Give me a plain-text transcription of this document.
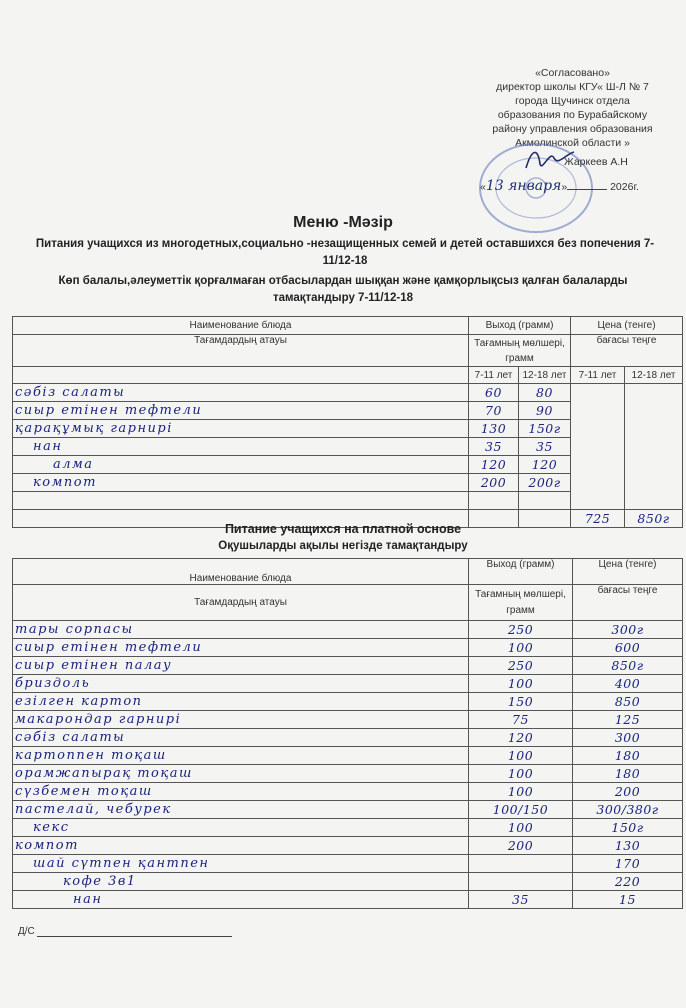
«Согласовано»
директор школы КГУ« Ш-Л № 7
города Щучинск отдела
образования по Бурабайскому
району управления образования
Акмолинской области »
Жаркеев А.Н
«13 января»	2026г.
Меню -Мәзір
Питания учащихся из многодетных,социально -незащищенных семей и детей оставшихся без попечения 7-11/12-18
Көп балалы,әлеуметтік қорғалмаған отбасылардан шыққан және қамқорлықсыз қалған балаларды тамақтандыру 7-11/12-18
Наименование блюда	Выход (грамм)		Цена (тенге)	
Тағамдардың атауы	Тағамның мөлшері, грамм		бағасы теңге	
	7-11 лет	12-18 лет	7-11 лет	12-18 лет
сәбіз салаты	60	80		
сиыр етінен тефтели	70	90		
қарақұмық гарнирі	130	150г		
нан	35	35		
алма	120	120		
компот	200	200г		

			725	850г
Питание учащихся на платной основе
Оқушыларды ақылы негізде тамақтандыру
Наименование блюда	Выход (грамм)	Цена (тенге)
Тағамдардың атауы	Тағамның мөлшері, грамм	бағасы теңге
тары сорпасы	250	300г
сиыр етінен тефтели	100	600
сиыр етінен палау	250	850г
бриздоль	100	400
езілген картоп	150	850
макарондар гарнирі	75	125
сәбіз салаты	120	300
картоппен тоқаш	100	180
орамжапырақ тоқаш	100	180
сүзбемен тоқаш	100	200
пастелай, чебурек	100/150	300/380г
кекс	100	150г
компот	200	130
шай сүтпен қантпен		170
кофе 3в1		220
нан	35	15
Д/С
